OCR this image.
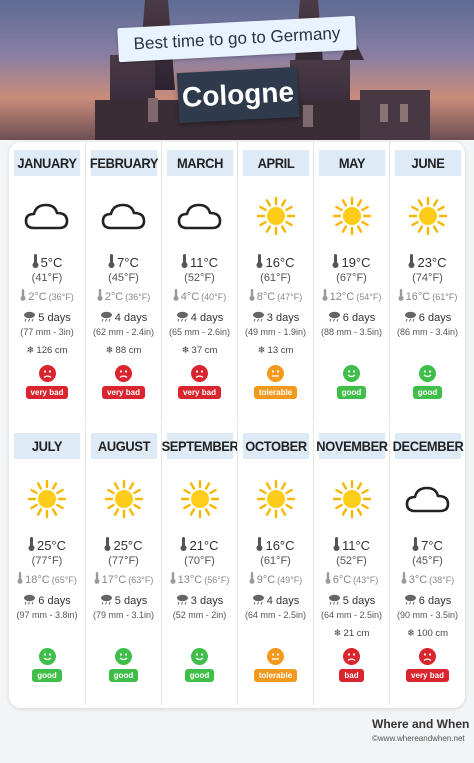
Best time to go to Germany
Cologne
JANUARY
5°C
(41°F)
2°C (36°F)
5 days
(77 mm - 3in)
❄ 126 cm
very bad
FEBRUARY
7°C
(45°F)
2°C (36°F)
4 days
(62 mm - 2.4in)
❄ 88 cm
very bad
MARCH
11°C
(52°F)
4°C (40°F)
4 days
(65 mm - 2.6in)
❄ 37 cm
very bad
APRIL
16°C
(61°F)
8°C (47°F)
3 days
(49 mm - 1.9in)
❄ 13 cm
tolerable
MAY
19°C
(67°F)
12°C (54°F)
6 days
(88 mm - 3.5in)
good
JUNE
23°C
(74°F)
16°C (61°F)
6 days
(86 mm - 3.4in)
good
JULY
25°C
(77°F)
18°C (65°F)
6 days
(97 mm - 3.8in)
good
AUGUST
25°C
(77°F)
17°C (63°F)
5 days
(79 mm - 3.1in)
good
SEPTEMBER
21°C
(70°F)
13°C (56°F)
3 days
(52 mm - 2in)
good
OCTOBER
16°C
(61°F)
9°C (49°F)
4 days
(64 mm - 2.5in)
tolerable
NOVEMBER
11°C
(52°F)
6°C (43°F)
5 days
(64 mm - 2.5in)
❄ 21 cm
bad
DECEMBER
7°C
(45°F)
3°C (38°F)
6 days
(90 mm - 3.5in)
❄ 100 cm
very bad
Where and When
©www.whereandwhen.net
